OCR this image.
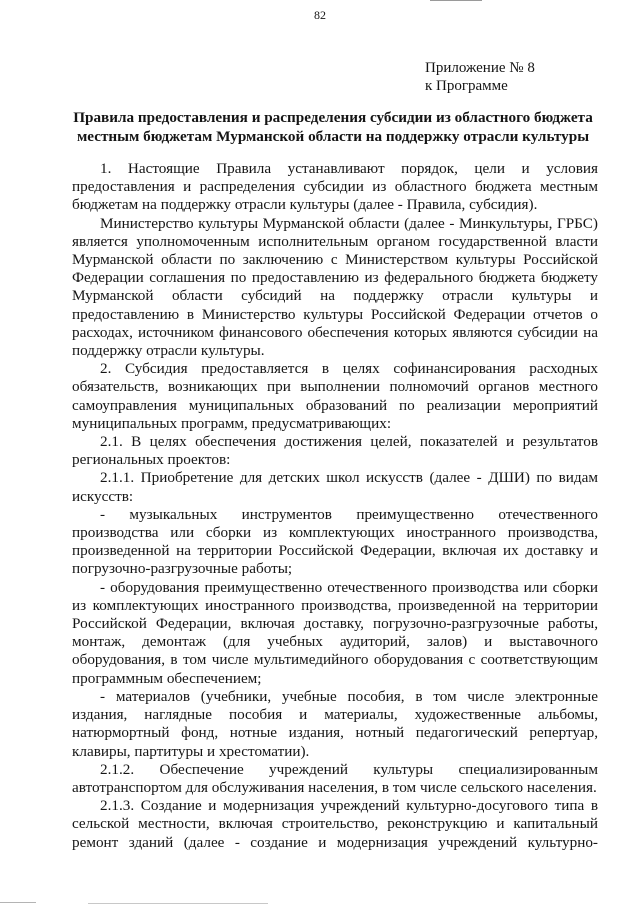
82
Приложение № 8
к Программе
Правила предоставления и распределения субсидии из областного бюджета
местным бюджетам Мурманской области на поддержку отрасли культуры

1. Настоящие Правила устанавливают порядок, цели и условия предоставления и распределения субсидии из областного бюджета местным бюджетам на поддержку отрасли культуры (далее - Правила, субсидия).

Министерство культуры Мурманской области (далее - Минкультуры, ГРБС) является уполномоченным исполнительным органом государственной власти Мурманской области по заключению с Министерством культуры Российской Федерации соглашения по предоставлению из федерального бюджета бюджету Мурманской области субсидий на поддержку отрасли культуры и предоставлению в Министерство культуры Российской Федерации отчетов о расходах, источником финансового обеспечения которых являются субсидии на поддержку отрасли культуры.

2. Субсидия предоставляется в целях софинансирования расходных обязательств, возникающих при выполнении полномочий органов местного самоуправления муниципальных образований по реализации мероприятий муниципальных программ, предусматривающих:

2.1. В целях обеспечения достижения целей, показателей и результатов региональных проектов:

2.1.1. Приобретение для детских школ искусств (далее - ДШИ) по видам искусств:

- музыкальных инструментов преимущественно отечественного производства или сборки из комплектующих иностранного производства, произведенной на территории Российской Федерации, включая их доставку и погрузочно-разгрузочные работы;

- оборудования преимущественно отечественного производства или сборки из комплектующих иностранного производства, произведенной на территории Российской Федерации, включая доставку, погрузочно-разгрузочные работы, монтаж, демонтаж (для учебных аудиторий, залов) и выставочного оборудования, в том числе мультимедийного оборудования с соответствующим программным обеспечением;

- материалов (учебники, учебные пособия, в том числе электронные издания, наглядные пособия и материалы, художественные альбомы, натюрмортный фонд, нотные издания, нотный педагогический репертуар, клавиры, партитуры и хрестоматии).

2.1.2. Обеспечение учреждений культуры специализированным автотранспортом для обслуживания населения, в том числе сельского населения.

2.1.3. Создание и модернизация учреждений культурно-досугового типа в сельской местности, включая строительство, реконструкцию и капитальный ремонт зданий (далее - создание и модернизация учреждений культурно-
